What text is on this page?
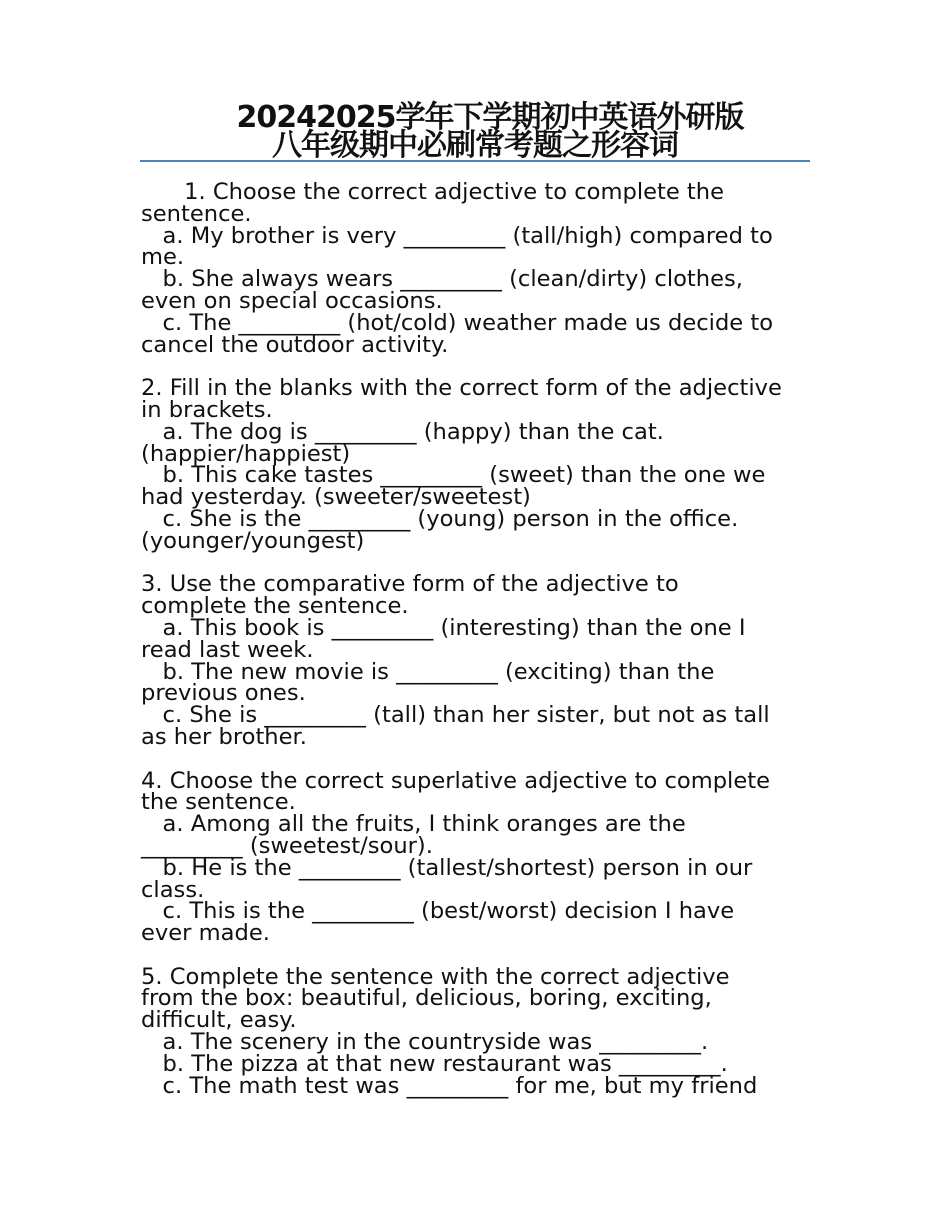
20242025学年下学期初中英语外研版
八年级期中必刷常考题之形容词
1. Choose the correct adjective to complete the
sentence.
a. My brother is very _________ (tall/high) compared to
me.
b. She always wears _________ (clean/dirty) clothes,
even on special occasions.
c. The _________ (hot/cold) weather made us decide to
cancel the outdoor activity.
2. Fill in the blanks with the correct form of the adjective
in brackets.
a. The dog is _________ (happy) than the cat.
(happier/happiest)
b. This cake tastes _________ (sweet) than the one we
had yesterday. (sweeter/sweetest)
c. She is the _________ (young) person in the office.
(younger/youngest)
3. Use the comparative form of the adjective to
complete the sentence.
a. This book is _________ (interesting) than the one I
read last week.
b. The new movie is _________ (exciting) than the
previous ones.
c. She is _________ (tall) than her sister, but not as tall
as her brother.
4. Choose the correct superlative adjective to complete
the sentence.
a. Among all the fruits, I think oranges are the
_________ (sweetest/sour).
b. He is the _________ (tallest/shortest) person in our
class.
c. This is the _________ (best/worst) decision I have
ever made.
5. Complete the sentence with the correct adjective
from the box: beautiful, delicious, boring, exciting,
difficult, easy.
a. The scenery in the countryside was _________.
b. The pizza at that new restaurant was _________.
c. The math test was _________ for me, but my friend
